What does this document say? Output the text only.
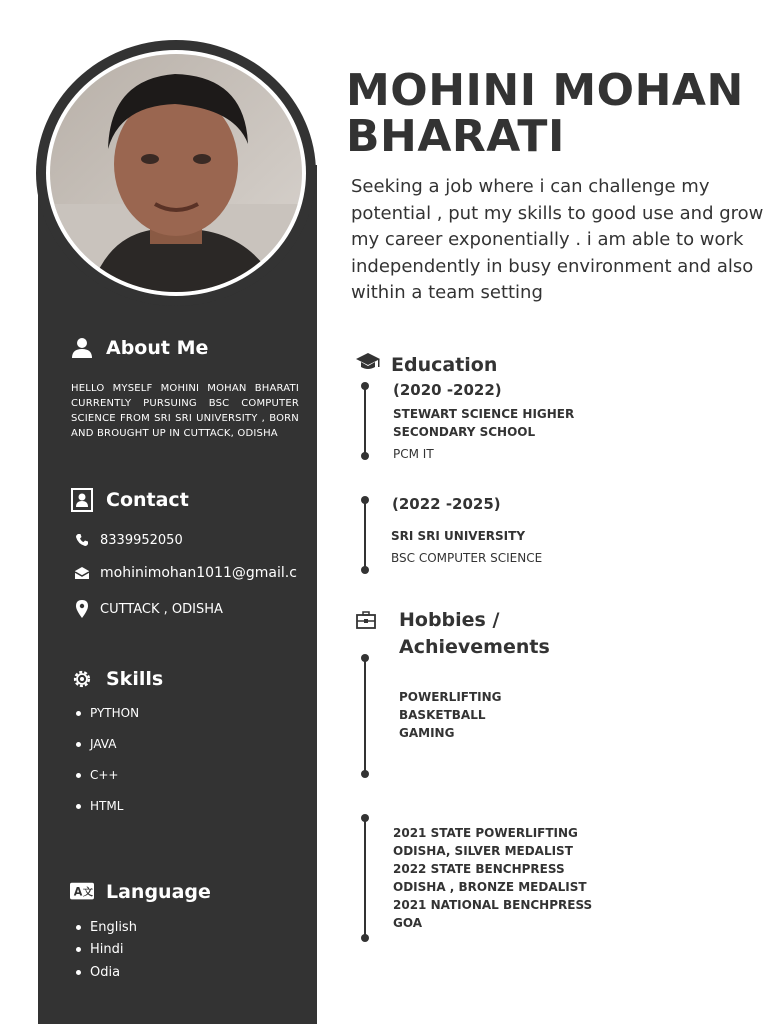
About Me

HELLO MYSELF MOHINI MOHAN BHARATI CURRENTLY PURSUING BSC COMPUTER SCIENCE FROM SRI SRI UNIVERSITY , BORN AND BROUGHT UP IN CUTTACK, ODISHA

Contact
8339952050
mohinimohan1011@gmail.c
CUTTACK , ODISHA
Skills
PYTHON
JAVA
C++
HTML
A 文 Language
English
Hindi
Odia
MOHINI MOHAN
BHARATI

Seeking a job where i can challenge my potential , put my skills to good use and grow my career exponentially . i am able to work independently in busy environment and also within a team setting

Education
(2020 -2022)
STEWART SCIENCE HIGHER
SECONDARY SCHOOL
PCM IT
(2022 -2025)
SRI SRI UNIVERSITY
BSC COMPUTER SCIENCE
Hobbies /
Achievements
POWERLIFTING
BASKETBALL
GAMING
2021 STATE POWERLIFTING
ODISHA, SILVER MEDALIST
2022 STATE BENCHPRESS
ODISHA , BRONZE MEDALIST
2021 NATIONAL BENCHPRESS
GOA
